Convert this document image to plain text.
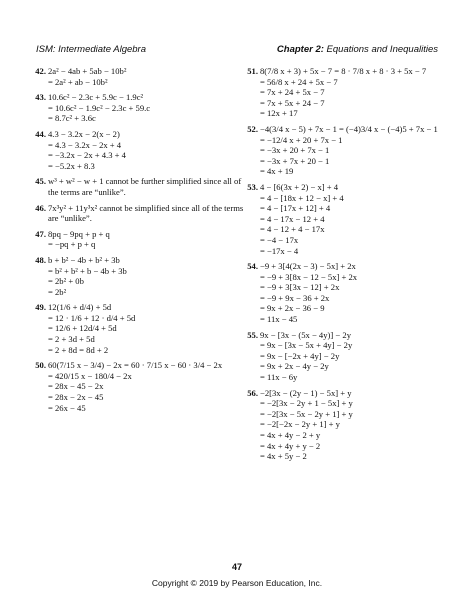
ISM: Intermediate Algebra	Chapter 2: Equations and Inequalities
42. 2a² − 4ab + 5ab − 10b²
= 2a² + ab − 10b²
43. 10.6c² − 2.3c + 5.9c − 1.9c²
= 10.6c² − 1.9c² − 2.3c + 59.c
= 8.7c² + 3.6c
44. 4.3 − 3.2x − 2(x − 2)
= 4.3 − 3.2x − 2x + 4
= −3.2x − 2x + 4.3 + 4
= −5.2x + 8.3
45. w³ + w² − w + 1 cannot be further simplified since all of the terms are “unlike”.
46. 7x³y² + 11y³x² cannot be simplified since all of the terms are “unlike”.
47. 8pq − 9pq + p + q
= −pq + p + q
48. b + b² − 4b + b² + 3b
= b² + b² + b − 4b + 3b
= 2b² + 0b
= 2b²
49. 12(1/6 + d/4) + 5d
= 12 · 1/6 + 12 · d/4 + 5d
= 12/6 + 12d/4 + 5d
= 2 + 3d + 5d
= 2 + 8d = 8d + 2
50. 60(7/15 x − 3/4) − 2x = 60 · 7/15 x − 60 · 3/4 − 2x
= 420/15 x − 180/4 − 2x
= 28x − 45 − 2x
= 28x − 2x − 45
= 26x − 45
51. 8(7/8 x + 3) + 5x − 7 = 8 · 7/8 x + 8 · 3 + 5x − 7
= 56/8 x + 24 + 5x − 7
= 7x + 24 + 5x − 7
= 7x + 5x + 24 − 7
= 12x + 17
52. −4(3/4 x − 5) + 7x − 1 = (−4)3/4 x − (−4)5 + 7x − 1
= −12/4 x + 20 + 7x − 1
= −3x + 20 + 7x − 1
= −3x + 7x + 20 − 1
= 4x + 19
53. 4 − [6(3x + 2) − x] + 4
= 4 − [18x + 12 − x] + 4
= 4 − [17x + 12] + 4
= 4 − 17x − 12 + 4
= 4 − 12 + 4 − 17x
= −4 − 17x
= −17x − 4
54. −9 + 3[4(2x − 3) − 5x] + 2x
= −9 + 3[8x − 12 − 5x] + 2x
= −9 + 3[3x − 12] + 2x
= −9 + 9x − 36 + 2x
= 9x + 2x − 36 − 9
= 11x − 45
55. 9x − [3x − (5x − 4y)] − 2y
= 9x − [3x − 5x + 4y] − 2y
= 9x − [−2x + 4y] − 2y
= 9x + 2x − 4y − 2y
= 11x − 6y
56. −2[3x − (2y − 1) − 5x] + y
= −2[3x − 2y + 1 − 5x] + y
= −2[3x − 5x − 2y + 1] + y
= −2[−2x − 2y + 1] + y
= 4x + 4y − 2 + y
= 4x + 4y + y − 2
= 4x + 5y − 2
47
Copyright © 2019 by Pearson Education, Inc.
